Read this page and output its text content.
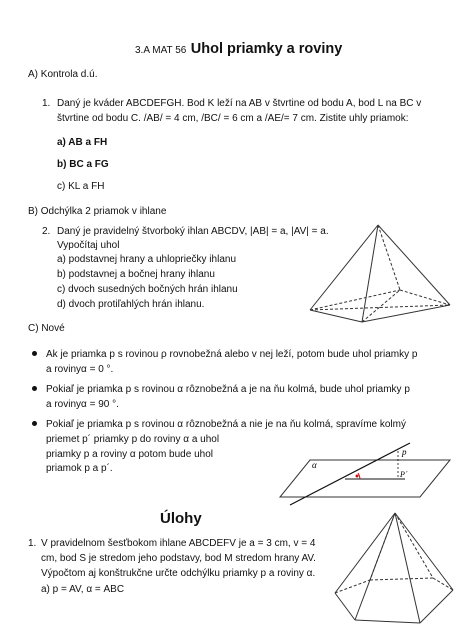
3.A MAT 56 Uhol priamky a roviny
A) Kontrola d.ú.
1. Daný je kváder ABCDEFGH. Bod K leží na AB v štvrtine od bodu A, bod L na BC v
štvrtine od bodu C. /AB/ = 4 cm, /BC/ = 6 cm a /AE/= 7 cm. Zistite uhly priamok:
a) AB a FH
b) BC a FG
c) KL a FH
B) Odchýlka 2 priamok v ihlane
2. Daný je pravidelný štvorboký ihlan ABCDV, |AB| = a, |AV| = a.
Vypočítaj uhol
a) podstavnej hrany a uhlopriečky ihlanu
b) podstavnej a bočnej hrany ihlanu
c) dvoch susedných bočných hrán ihlanu
d) dvoch protiľahlých hrán ihlanu.
C) Nové
Ak je priamka p s rovinou ρ rovnobežná alebo v nej leží, potom bude uhol priamky p
a rovinyα = 0 °.
Pokiaľ je priamka p s rovinou α rôznobežná a je na ňu kolmá, bude uhol priamky p
a rovinyα = 90 °.
Pokiaľ je priamka p s rovinou α rôznobežná a nie je na ňu kolmá, spravíme kolmý
priemet p´ priamky p do roviny α a uhol
priamky p a roviny α potom bude uhol
priamok p a p´.
p
α
P´
Úlohy
1. V pravidelnom šesťbokom ihlane ABCDEFV je a = 3 cm, v = 4
cm, bod S je stredom jeho podstavy, bod M stredom hrany AV.
Výpočtom aj konštrukčne určte odchýlku priamky p a roviny α.
a) p = AV, α = ABC
